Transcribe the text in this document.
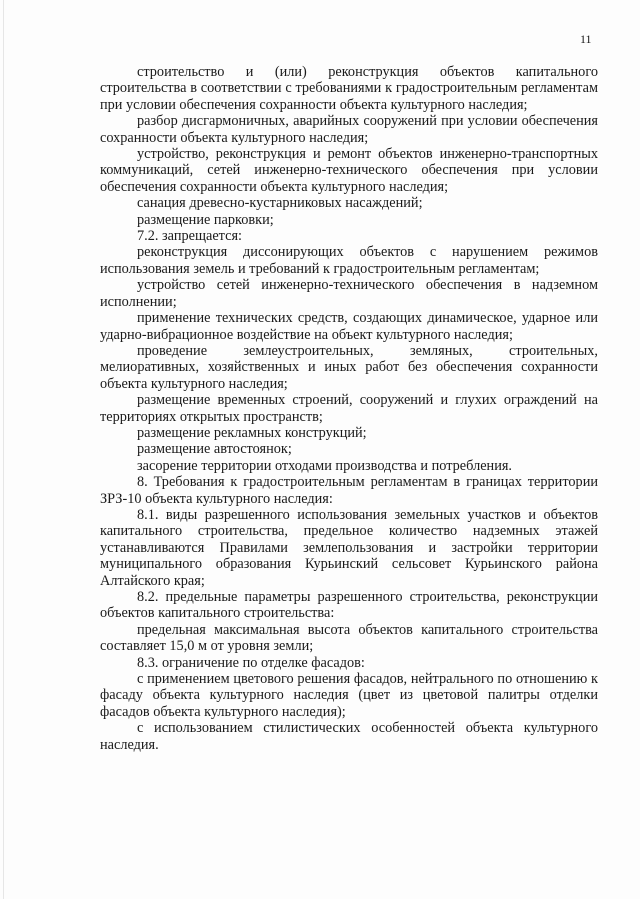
11

строительство и (или) реконструкция объектов капитального строительства в соответствии с требованиями к градостроительным регламентам при условии обеспечения сохранности объекта культурного наследия;

разбор дисгармоничных, аварийных сооружений при условии обеспечения сохранности объекта культурного наследия;

устройство, реконструкция и ремонт объектов инженерно-транспортных коммуникаций, сетей инженерно-технического обеспечения при условии обеспечения сохранности объекта культурного наследия;

санация древесно-кустарниковых насаждений;

размещение парковки;

7.2. запрещается:

реконструкция диссонирующих объектов с нарушением режимов использования земель и требований к градостроительным регламентам;

устройство сетей инженерно-технического обеспечения в надземном исполнении;

применение технических средств, создающих динамическое, ударное или ударно-вибрационное воздействие на объект культурного наследия;

проведение землеустроительных, земляных, строительных, мелиоративных, хозяйственных и иных работ без обеспечения сохранности объекта культурного наследия;

размещение временных строений, сооружений и глухих ограждений на территориях открытых пространств;

размещение рекламных конструкций;

размещение автостоянок;

засорение территории отходами производства и потребления.

8. Требования к градостроительным регламентам в границах территории ЗРЗ-10 объекта культурного наследия:

8.1. виды разрешенного использования земельных участков и объектов капитального строительства, предельное количество надземных этажей устанавливаются Правилами землепользования и застройки территории муниципального образования Курьинский сельсовет Курьинского района Алтайского края;

8.2. предельные параметры разрешенного строительства, реконструкции объектов капитального строительства:

предельная максимальная высота объектов капитального строительства составляет 15,0 м от уровня земли;

8.3. ограничение по отделке фасадов:

с применением цветового решения фасадов, нейтрального по отношению к фасаду объекта культурного наследия (цвет из цветовой палитры отделки фасадов объекта культурного наследия);

с использованием стилистических особенностей объекта культурного наследия.
